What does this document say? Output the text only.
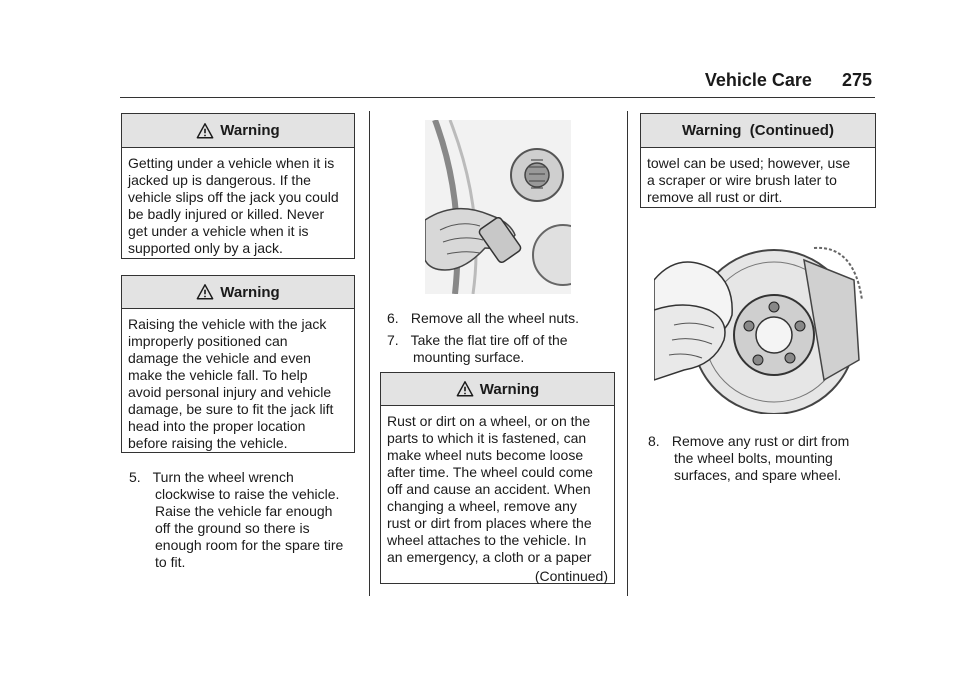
Vehicle Care 275
Warning
Getting under a vehicle when it is
jacked up is dangerous. If the
vehicle slips off the jack you could
be badly injured or killed. Never
get under a vehicle when it is
supported only by a jack.
Warning
Raising the vehicle with the jack
improperly positioned can
damage the vehicle and even
make the vehicle fall. To help
avoid personal injury and vehicle
damage, be sure to fit the jack lift
head into the proper location
before raising the vehicle.
5. Turn the wheel wrench
clockwise to raise the vehicle.
Raise the vehicle far enough
off the ground so there is
enough room for the spare tire
to fit.
6. Remove all the wheel nuts.
7. Take the flat tire off of the
mounting surface.
Warning
Rust or dirt on a wheel, or on the
parts to which it is fastened, can
make wheel nuts become loose
after time. The wheel could come
off and cause an accident. When
changing a wheel, remove any
rust or dirt from places where the
wheel attaches to the vehicle. In
an emergency, a cloth or a paper
(Continued)
Warning  (Continued)
towel can be used; however, use
a scraper or wire brush later to
remove all rust or dirt.
8. Remove any rust or dirt from
the wheel bolts, mounting
surfaces, and spare wheel.
